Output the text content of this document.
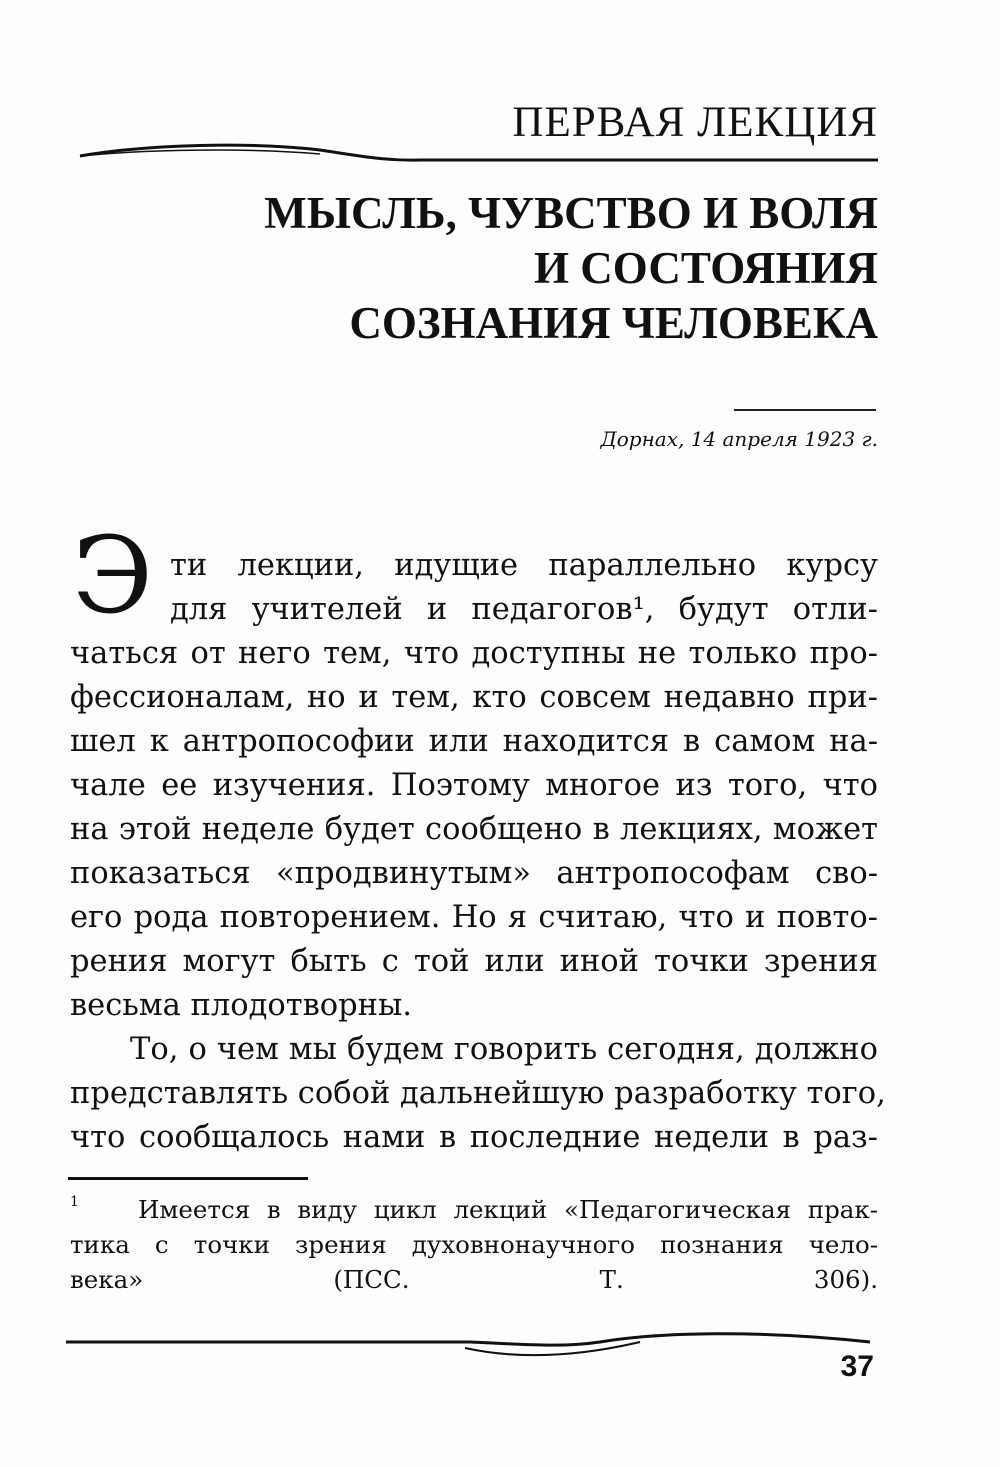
ПЕРВАЯ ЛЕКЦИЯ
МЫСЛЬ, ЧУВСТВО И ВОЛЯ
И СОСТОЯНИЯ
СОЗНАНИЯ ЧЕЛОВЕКА
Дорнах, 14 апреля 1923 г.
Э ти лекции, идущие параллельно курсу
для учителей и педагогов¹, будут отли-
чаться от него тем, что доступны не только про-
фессионалам, но и тем, кто совсем недавно при-
шел к антропософии или находится в самом на-
чале ее изучения. Поэтому многое из того, что
на этой неделе будет сообщено в лекциях, может
показаться «продвинутым» антропософам сво-
его рода повторением. Но я считаю, что и повто-
рения могут быть с той или иной точки зрения
весьма плодотворны.
То, о чем мы будем говорить сегодня, должно
представлять собой дальнейшую разработку того,
что сообщалось нами в последние недели в раз-
1	Имеется в виду цикл лекций «Педагогическая прак-
тика с точки зрения духовнонаучного познания чело-
века» (ПСС. Т. 306).
37
